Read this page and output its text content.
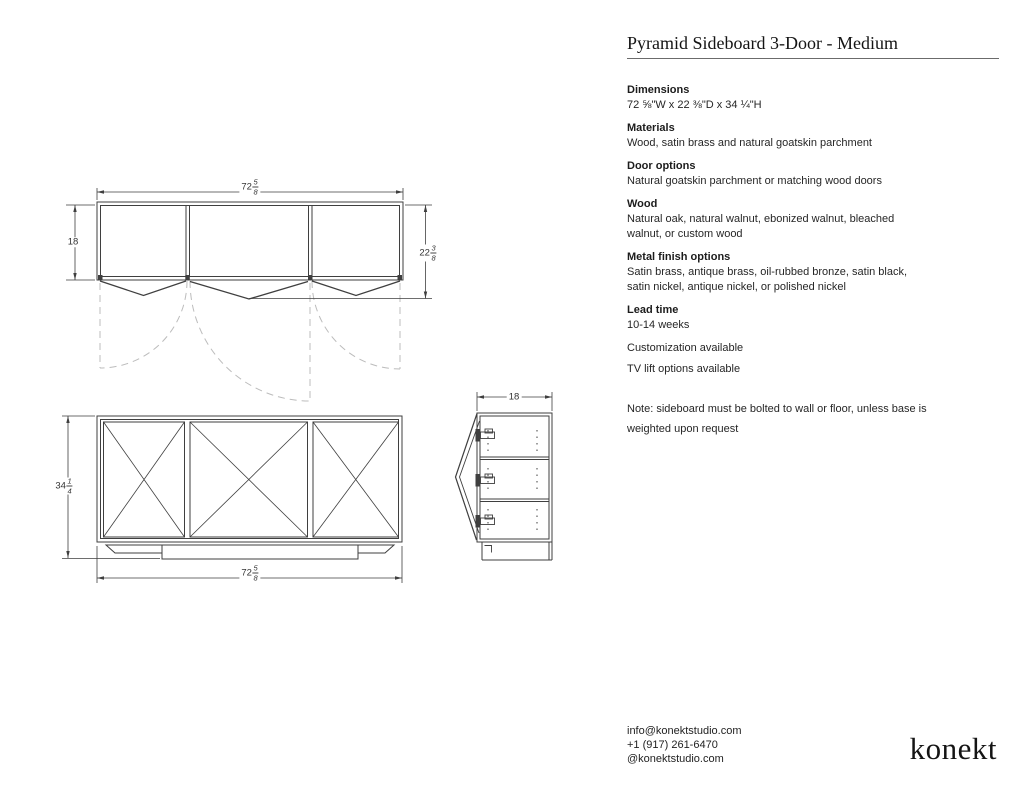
$72 \frac{5}{8}$
18
$22 \frac{3}{8}$
$34 \frac{1}{4}$
$72 \frac{5}{8}$
18
Pyramid Sideboard 3-Door - Medium
Dimensions
72 ⅝"W x 22 ⅜"D x 34 ¼"H
Materials
Wood, satin brass and natural goatskin parchment
Door options
Natural goatskin parchment or matching wood doors
Wood
Natural oak, natural walnut, ebonized walnut, bleached
walnut, or custom wood
Metal finish options
Satin brass, antique brass, oil-rubbed bronze, satin black,
satin nickel, antique nickel, or polished nickel
Lead time
10-14 weeks
Customization available
TV lift options available
Note: sideboard must be bolted to wall or floor, unless base is
weighted upon request
info@konektstudio.com
+1 (917) 261-6470
@konektstudio.com	konekt
